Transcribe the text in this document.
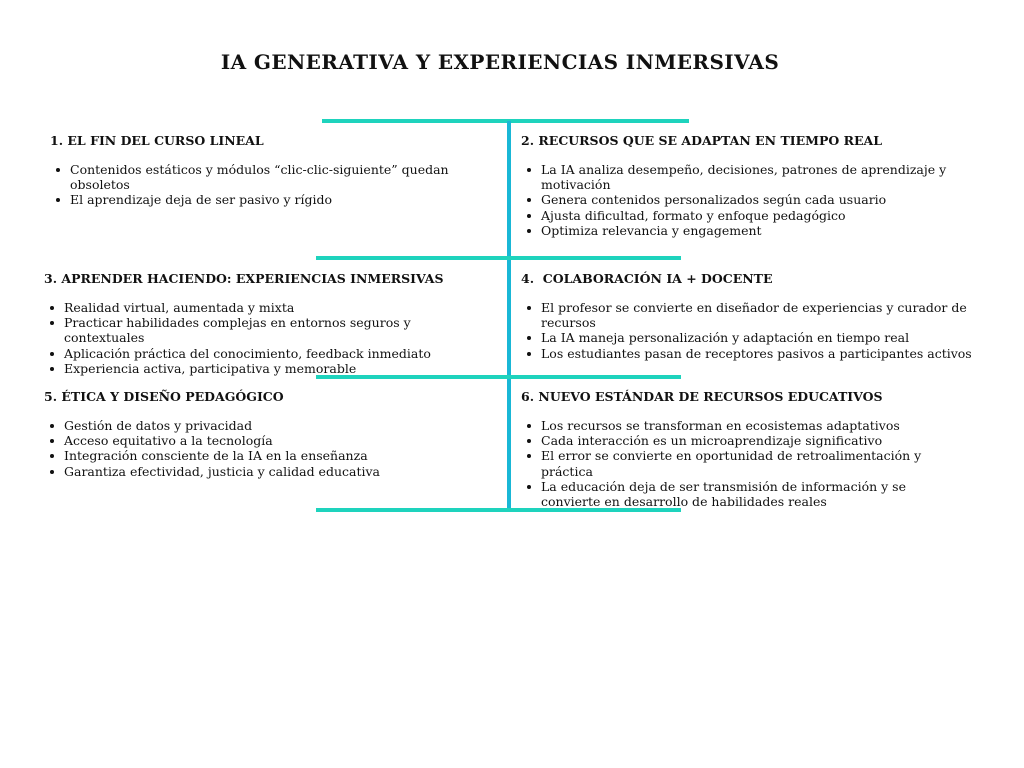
IA GENERATIVA Y EXPERIENCIAS INMERSIVAS
1. EL FIN DEL CURSO LINEAL
Contenidos estáticos y módulos “clic-clic-siguiente” quedan obsoletos
El aprendizaje deja de ser pasivo y rígido
2. RECURSOS QUE SE ADAPTAN EN TIEMPO REAL
La IA analiza desempeño, decisiones, patrones de aprendizaje y motivación
Genera contenidos personalizados según cada usuario
Ajusta dificultad, formato y enfoque pedagógico
Optimiza relevancia y engagement
3. APRENDER HACIENDO: EXPERIENCIAS INMERSIVAS
Realidad virtual, aumentada y mixta
Practicar habilidades complejas en entornos seguros y contextuales
Aplicación práctica del conocimiento, feedback inmediato
Experiencia activa, participativa y memorable
4.  COLABORACIÓN IA + DOCENTE
El profesor se convierte en diseñador de experiencias y curador de recursos
La IA maneja personalización y adaptación en tiempo real
Los estudiantes pasan de receptores pasivos a participantes activos
5. ÉTICA Y DISEÑO PEDAGÓGICO
Gestión de datos y privacidad
Acceso equitativo a la tecnología
Integración consciente de la IA en la enseñanza
Garantiza efectividad, justicia y calidad educativa
6. NUEVO ESTÁNDAR DE RECURSOS EDUCATIVOS
Los recursos se transforman en ecosistemas adaptativos
Cada interacción es un microaprendizaje significativo
El error se convierte en oportunidad de retroalimentación y práctica
La educación deja de ser transmisión de información y se convierte en desarrollo de habilidades reales
